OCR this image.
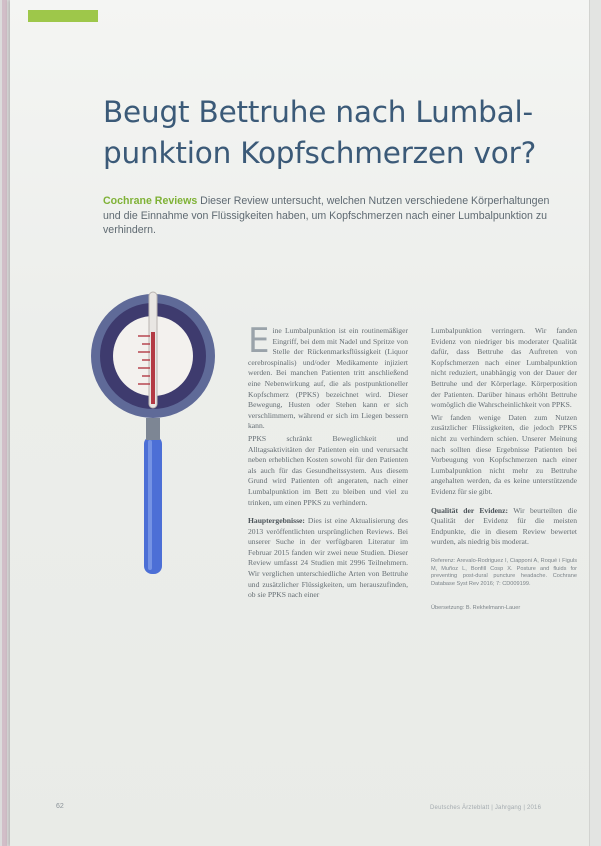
Beugt Bettruhe nach Lumbal-
punktion Kopfschmerzen vor?

Cochrane Reviews Dieser Review untersucht, welchen Nutzen verschiedene Körperhaltungen und die Einnahme von Flüssigkeiten haben, um Kopfschmerzen nach einer Lumbalpunktion zu verhindern.

Eine Lumbalpunktion ist ein routinemäßiger Eingriff, bei dem mit Nadel und Spritze von Stelle der Rückenmarksflüssigkeit (Liquor cerebrospinalis) und/oder Medikamente injiziert werden. Bei manchen Patienten tritt anschließend eine Nebenwirkung auf, die als postpunktioneller Kopfschmerz (PPKS) bezeichnet wird. Dieser Bewegung, Husten oder Stehen kann er sich verschlimmern, während er sich im Liegen bessern kann.

PPKS schränkt Beweglichkeit und Alltagsaktivitäten der Patienten ein und verursacht neben erheblichen Kosten sowohl für den Patienten als auch für das Gesundheitssystem. Aus diesem Grund wird Patienten oft angeraten, nach einer Lumbalpunktion im Bett zu bleiben und viel zu trinken, um einen PPKS zu verhindern.

Hauptergebnisse: Dies ist eine Aktualisierung des 2013 veröffentlichten ursprünglichen Reviews. Bei unserer Suche in der verfügbaren Literatur im Februar 2015 fanden wir zwei neue Studien. Dieser Review umfasst 24 Studien mit 2996 Teilnehmern. Wir verglichen unterschiedliche Arten von Bettruhe und zusätzlicher Flüssigkeiten, um herauszufinden, ob sie PPKS nach einer

Lumbalpunktion verringern. Wir fanden Evidenz von niedriger bis moderater Qualität dafür, dass Bettruhe das Auftreten von Kopfschmerzen nach einer Lumbalpunktion nicht reduziert, unabhängig von der Dauer der Bettruhe und der Körperlage. Körperposition der Patienten. Darüber hinaus erhöht Bettruhe womöglich die Wahrscheinlichkeit von PPKS.

Wir fanden wenige Daten zum Nutzen zusätzlicher Flüssigkeiten, die jedoch PPKS nicht zu verhindern schien. Unserer Meinung nach sollten diese Ergebnisse Patienten bei Vorbeugung von Kopfschmerzen nach einer Lumbalpunktion nicht mehr zu Bettruhe angehalten werden, da es keine unterstützende Evidenz für sie gibt.

Qualität der Evidenz: Wir beurteilten die Qualität der Evidenz für die meisten Endpunkte, die in diesem Review bewertet wurden, als niedrig bis moderat.

Referenz: Arevalo-Rodriguez I, Ciapponi A, Roqué i Figuls M, Muñoz L, Bonfill Cosp X. Posture and fluids for preventing post-dural puncture headache. Cochrane Database Syst Rev 2016; 7: CD009199.

Übersetzung: B. Rekhelmann-Lauer

62	Deutsches Ärzteblatt | Jahrgang | 2016
